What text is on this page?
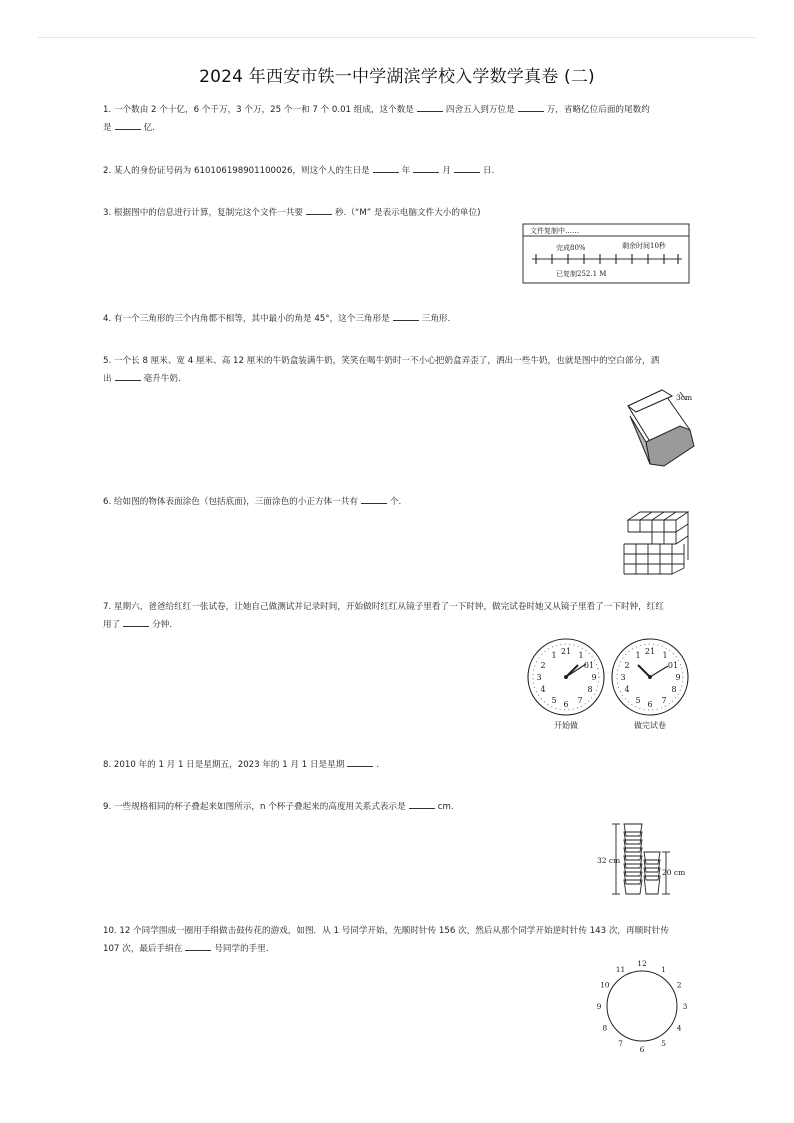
2024 年西安市铁一中学湖滨学校入学数学真卷 (二)
1. 一个数由 2 个十亿，6 个千万，3 个万，25 个一和 7 个 0.01 组成，这个数是	四舍五入到万位是	万，省略亿位后面的尾数约
是	亿.
2. 某人的身份证号码为 610106198901100026，则这个人的生日是	年	月	日.
3. 根据图中的信息进行计算，复制完这个文件一共要	秒.（“M” 是表示电脑文件大小的单位)
文件复制中……
完成80%	剩余时间10秒
已复制252.1 M
4. 有一个三角形的三个内角都不相等，其中最小的角是 45°，这个三角形是	三角形.
5. 一个长 8 厘米、宽 4 厘米、高 12 厘米的牛奶盒装满牛奶，笑笑在喝牛奶时一不小心把奶盒弄歪了，洒出一些牛奶，也就是图中的空白部分，洒
出	毫升牛奶.
3cm
6. 给如图的物体表面涂色（包括底面)，三面涂色的小正方体一共有	个.
7. 星期六，爸爸给红红一张试卷，让她自己做测试并记录时间，开始做时红红从镜子里看了一下时钟，做完试卷时她又从镜子里看了一下时钟，红红
用了	分钟.
21 1
1
01
2
9
3
8
4
7
5 6
21 1
1
01
2
9
3
8
4
7
5 6
开始做	做完试卷
8. 2010 年的 1 月 1 日是星期五，2023 年的 1 月 1 日是星期	.
9. 一些规格相同的杯子叠起来如图所示，n 个杯子叠起来的高度用关系式表示是	cm.
32 cm
20 cm
10. 12 个同学围成一圈用手绢做击鼓传花的游戏，如图．从 1 号同学开始，先顺时针传 156 次，然后从那个同学开始逆时针传 143 次，再顺时针传
107 次，最后手绢在	号同学的手里.
12
1
2
3
4
5
6
7
8
9
10
11
